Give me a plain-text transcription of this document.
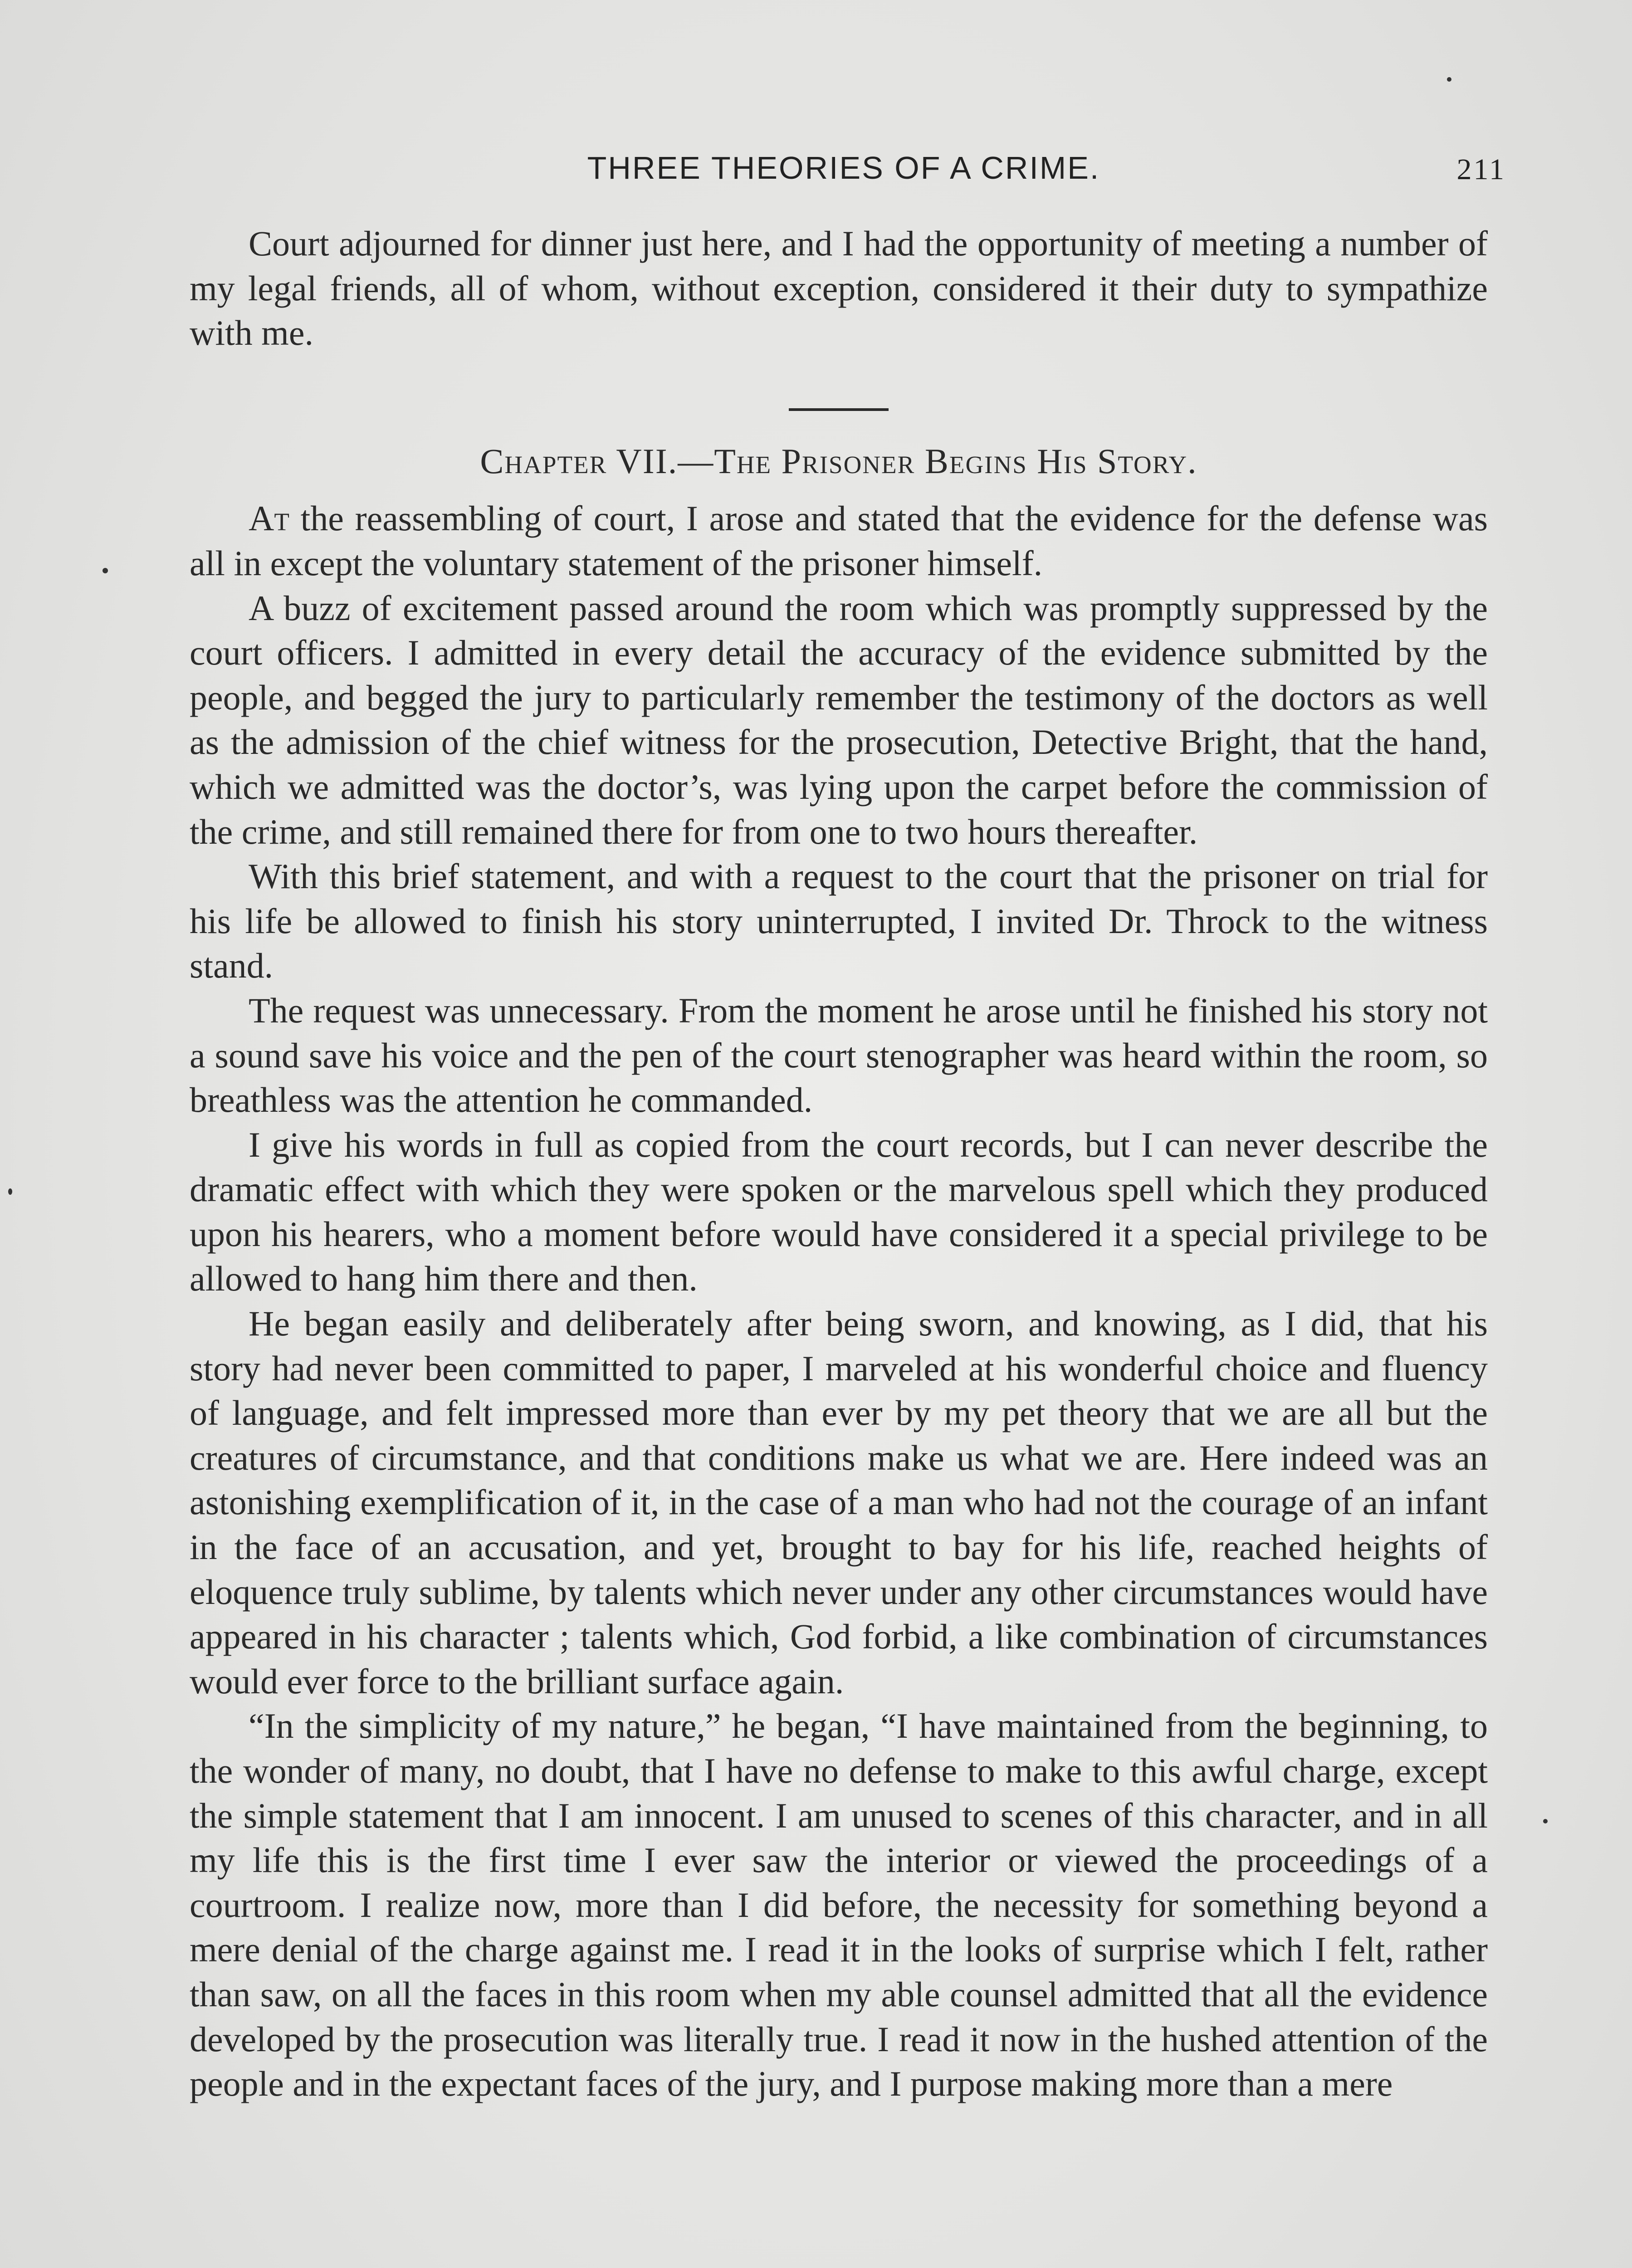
THREE THEORIES OF A CRIME.	211

Court adjourned for dinner just here, and I had the opportunity of meeting a number of my legal friends, all of whom, without exception, considered it their duty to sympathize with me.

Chapter VII.—The Prisoner Begins His Story.

At the reassembling of court, I arose and stated that the evidence for the defense was all in except the voluntary statement of the prisoner himself.

A buzz of excitement passed around the room which was promptly suppressed by the court officers. I admitted in every detail the accuracy of the evidence submitted by the people, and begged the jury to particularly remember the testimony of the doctors as well as the admission of the chief witness for the prosecution, Detective Bright, that the hand, which we admitted was the doctor’s, was lying upon the carpet before the commission of the crime, and still remained there for from one to two hours thereafter.

With this brief statement, and with a request to the court that the prisoner on trial for his life be allowed to finish his story uninterrupted, I invited Dr. Throck to the witness stand.

The request was unnecessary. From the moment he arose until he finished his story not a sound save his voice and the pen of the court stenographer was heard within the room, so breathless was the attention he commanded.

I give his words in full as copied from the court records, but I can never describe the dramatic effect with which they were spoken or the marvelous spell which they produced upon his hearers, who a moment before would have considered it a special privilege to be allowed to hang him there and then.

He began easily and deliberately after being sworn, and knowing, as I did, that his story had never been committed to paper, I marveled at his wonderful choice and fluency of language, and felt impressed more than ever by my pet theory that we are all but the creatures of circumstance, and that conditions make us what we are. Here indeed was an astonishing exemplification of it, in the case of a man who had not the courage of an infant in the face of an accusation, and yet, brought to bay for his life, reached heights of eloquence truly sublime, by talents which never under any other circumstances would have appeared in his character ; talents which, God forbid, a like combination of circumstances would ever force to the brilliant surface again.

“In the simplicity of my nature,” he began, “I have maintained from the beginning, to the wonder of many, no doubt, that I have no defense to make to this awful charge, except the simple statement that I am innocent. I am unused to scenes of this character, and in all my life this is the first time I ever saw the interior or viewed the proceedings of a courtroom. I realize now, more than I did before, the necessity for something beyond a mere denial of the charge against me. I read it in the looks of surprise which I felt, rather than saw, on all the faces in this room when my able counsel admitted that all the evidence developed by the prosecution was literally true. I read it now in the hushed attention of the people and in the expectant faces of the jury, and I purpose making more than a mere
